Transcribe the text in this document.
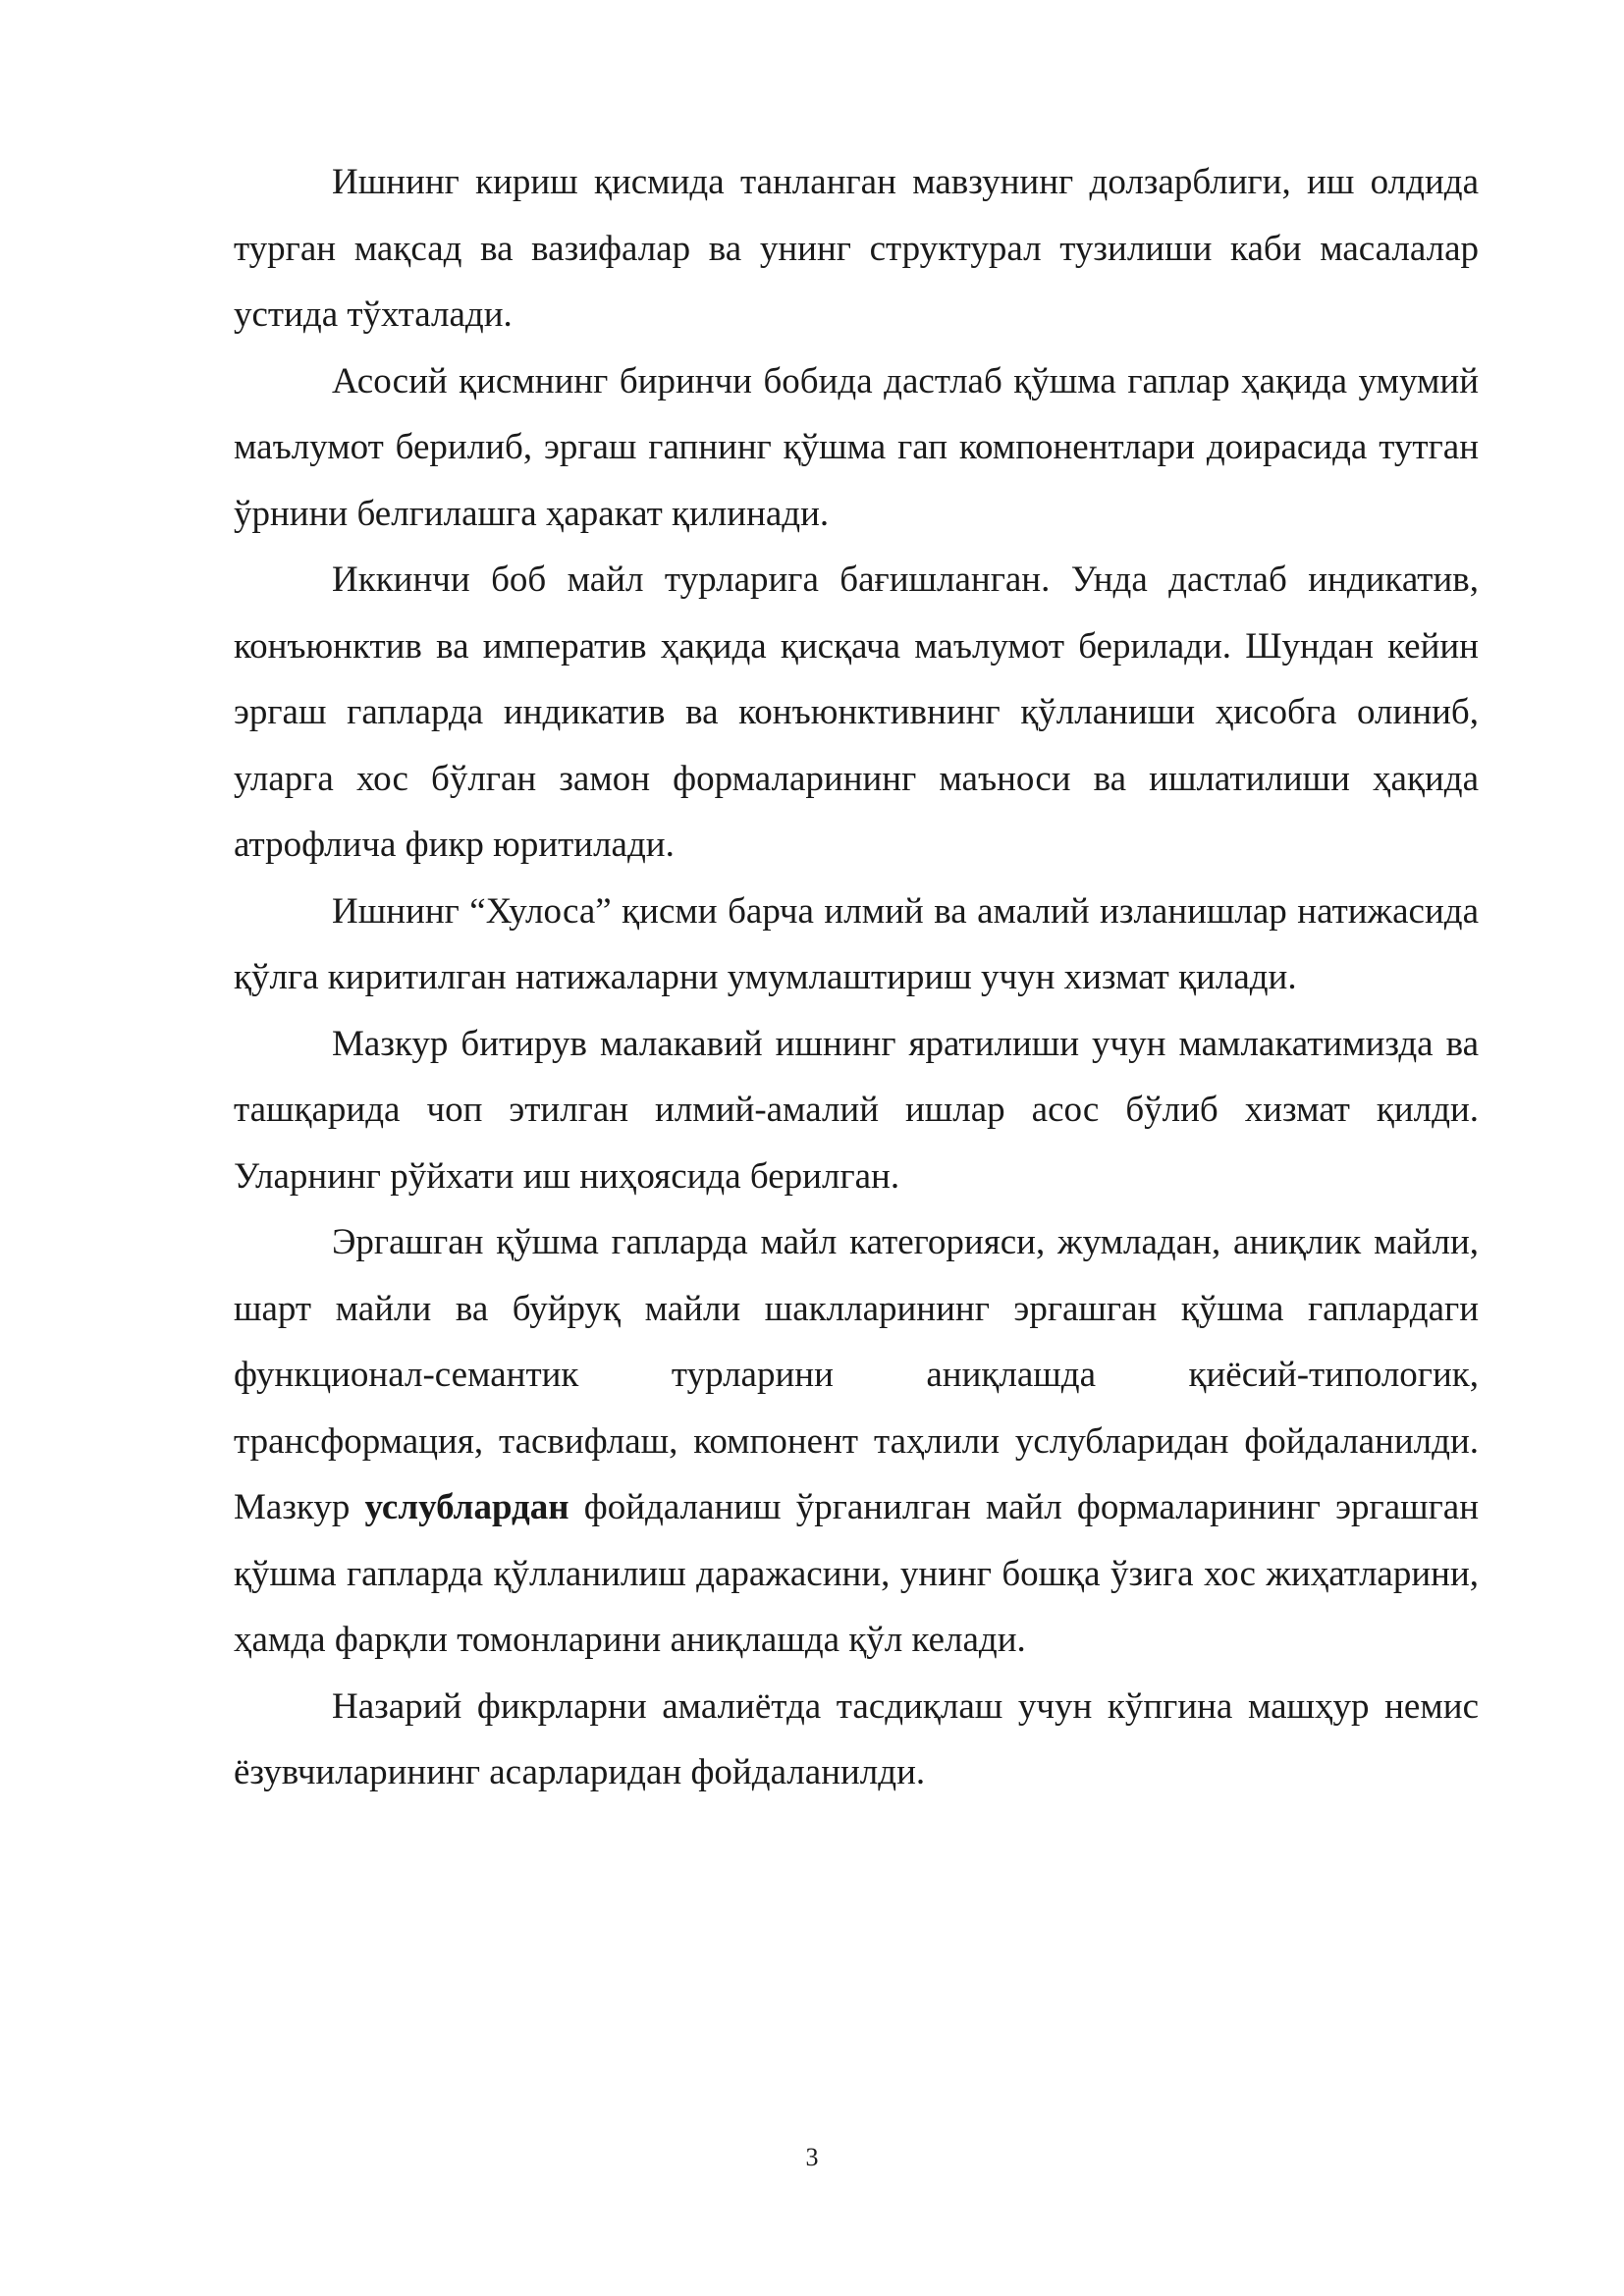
Ишнинг кириш қисмида танланган мавзунинг долзарблиги, иш олдида турган мақсад ва вазифалар ва унинг структурал тузилиши каби масалалар устида тўхталади.

Асосий қисмнинг биринчи бобида дастлаб қўшма гаплар ҳақида умумий маълумот берилиб, эргаш гапнинг қўшма гап компонентлари доирасида тутган ўрнини белгилашга ҳаракат қилинади.

Иккинчи боб майл турларига бағишланган. Унда дастлаб индикатив, конъюнктив ва императив ҳақида қисқача маълумот берилади. Шундан кейин эргаш гапларда индикатив ва конъюнктивнинг қўлланиши ҳисобга олиниб, уларга хос бўлган замон формаларининг маъноси ва ишлатилиши ҳақида атрофлича фикр юритилади.

Ишнинг “Хулоса” қисми барча илмий ва амалий изланишлар натижасида қўлга киритилган натижаларни умумлаштириш учун хизмат қилади.

Мазкур битирув малакавий ишнинг яратилиши учун мамлакатимизда ва ташқарида чоп этилган илмий-амалий ишлар асос бўлиб хизмат қилди. Уларнинг рўйхати иш ниҳоясида берилган.

Эргашган қўшма гапларда майл категорияси, жумладан, аниқлик майли, шарт майли ва буйруқ майли шаклларининг эргашган қўшма гаплардаги функционал-семантик турларини аниқлашда қиёсий-типологик, трансформация, тасвифлаш, компонент таҳлили услубларидан фойдаланилди. Мазкур услублардан фойдаланиш ўрганилган майл формаларининг эргашган қўшма гапларда қўлланилиш даражасини, унинг бошқа ўзига хос жиҳатларини, ҳамда фарқли томонларини аниқлашда қўл келади.

Назарий фикрларни амалиётда тасдиқлаш учун кўпгина машҳур немис ёзувчиларининг асарларидан фойдаланилди.

3
